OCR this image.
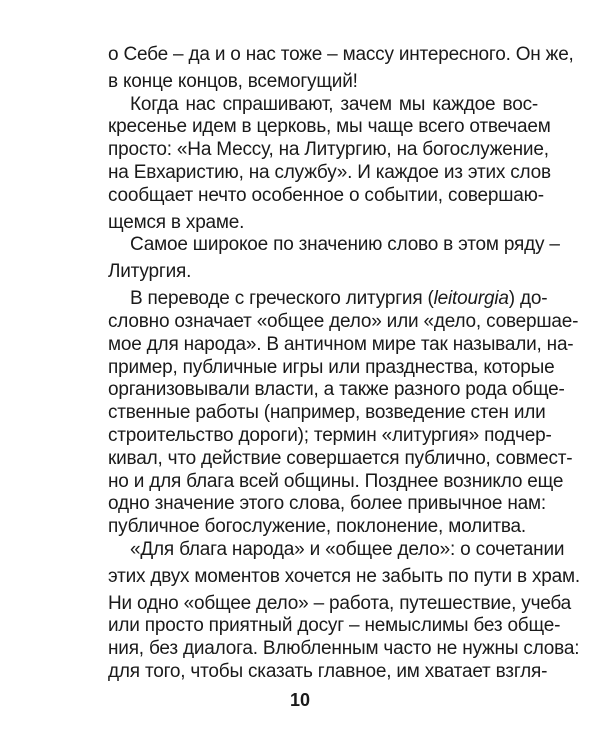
о Себе – да и о нас тоже – массу интересного. Он же,
в конце концов, всемогущий!
Когда нас спрашивают, зачем мы каждое вос-
кресенье идем в церковь, мы чаще всего отвечаем
просто: «На Мессу, на Литургию, на богослужение,
на Евхаристию, на службу». И каждое из этих слов
сообщает нечто особенное о событии, совершаю-
щемся в храме.
Самое широкое по значению слово в этом ряду –
Литургия.
В переводе с греческого литургия (leitourgia) до-
словно означает «общее дело» или «дело, совершае-
мое для народа». В античном мире так называли, на-
пример, публичные игры или празднества, которые
организовывали власти, а также разного рода обще-
ственные работы (например, возведение стен или
строительство дороги); термин «литургия» подчер-
кивал, что действие совершается публично, совмест-
но и для блага всей общины. Позднее возникло еще
одно значение этого слова, более привычное нам:
публичное богослужение, поклонение, молитва.
«Для блага народа» и «общее дело»: о сочетании
этих двух моментов хочется не забыть по пути в храм.
Ни одно «общее дело» – работа, путешествие, учеба
или просто приятный досуг – немыслимы без обще-
ния, без диалога. Влюбленным часто не нужны слова:
для того, чтобы сказать главное, им хватает взгля-
10
